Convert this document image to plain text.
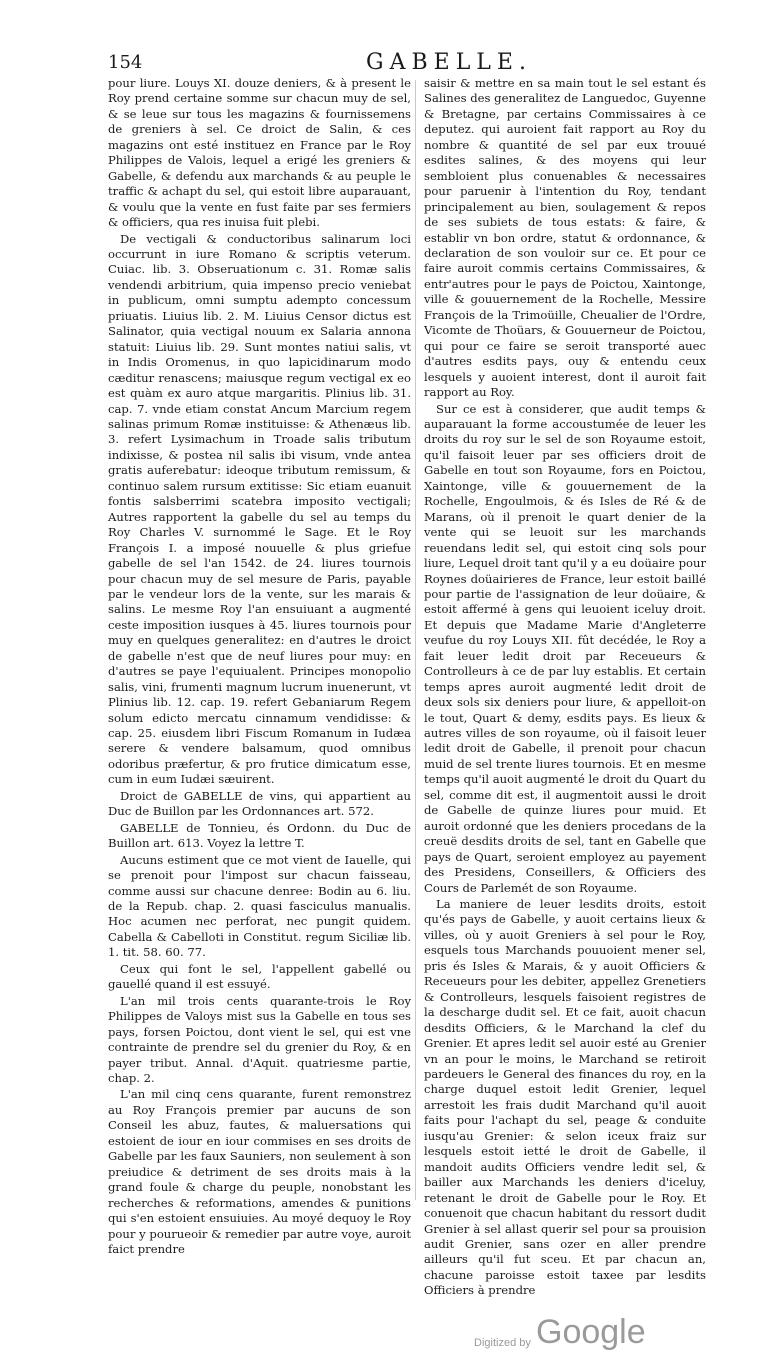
154	GABELLE.

pour liure. Louys XI. douze deniers, & à present le Roy prend certaine somme sur chacun muy de sel, & se leue sur tous les magazins & fournissemens de greniers à sel. Ce droict de Salin, & ces magazins ont esté instituez en France par le Roy Philippes de Valois, lequel a erigé les greniers & Gabelle, & defendu aux marchands & au peuple le traffic & achapt du sel, qui estoit libre auparauant, & voulu que la vente en fust faite par ses fermiers & officiers, qua res inuisa fuit plebi.

De vectigali & conductoribus salinarum loci occurrunt in iure Romano & scriptis veterum. Cuiac. lib. 3. Obseruationum c. 31. Romæ salis vendendi arbitrium, quia impenso precio veniebat in publicum, omni sumptu adempto concessum priuatis. Liuius lib. 2. M. Liuius Censor dictus est Salinator, quia vectigal nouum ex Salaria annona statuit: Liuius lib. 29. Sunt montes natiui salis, vt in Indis Oromenus, in quo lapicidinarum modo cæditur renascens; maiusque regum vectigal ex eo est quàm ex auro atque margaritis. Plinius lib. 31. cap. 7. vnde etiam constat Ancum Marcium regem salinas primum Romæ instituisse: & Athenæus lib. 3. refert Lysimachum in Troade salis tributum indixisse, & postea nil salis ibi visum, vnde antea gratis auferebatur: ideoque tributum remissum, & continuo salem rursum extitisse: Sic etiam euanuit fontis salsberrimi scatebra imposito vectigali; Autres rapportent la gabelle du sel au temps du Roy Charles V. surnommé le Sage. Et le Roy François I. a imposé nouuelle & plus griefue gabelle de sel l'an 1542. de 24. liures tournois pour chacun muy de sel mesure de Paris, payable par le vendeur lors de la vente, sur les marais & salins. Le mesme Roy l'an ensuiuant a augmenté ceste imposition iusques à 45. liures tournois pour muy en quelques generalitez: en d'autres le droict de gabelle n'est que de neuf liures pour muy: en d'autres se paye l'equiualent. Principes monopolio salis, vini, frumenti magnum lucrum inuenerunt, vt Plinius lib. 12. cap. 19. refert Gebaniarum Regem solum edicto mercatu cinnamum vendidisse: & cap. 25. eiusdem libri Fiscum Romanum in Iudæa serere & vendere balsamum, quod omnibus odoribus præfertur, & pro frutice dimicatum esse, cum in eum Iudæi sæuirent.

Droict de GABELLE de vins, qui appartient au Duc de Buillon par les Ordonnances art. 572.

GABELLE de Tonnieu, és Ordonn. du Duc de Buillon art. 613. Voyez la lettre T.

Aucuns estiment que ce mot vient de Iauelle, qui se prenoit pour l'impost sur chacun faisseau, comme aussi sur chacune denree: Bodin au 6. liu. de la Repub. chap. 2. quasi fasciculus manualis. Hoc acumen nec perforat, nec pungit quidem. Cabella & Cabelloti in Constitut. regum Siciliæ lib. 1. tit. 58. 60. 77.

Ceux qui font le sel, l'appellent gabellé ou gauellé quand il est essuyé.

L'an mil trois cents quarante-trois le Roy Philippes de Valoys mist sus la Gabelle en tous ses pays, forsen Poictou, dont vient le sel, qui est vne contrainte de prendre sel du grenier du Roy, & en payer tribut. Annal. d'Aquit. quatriesme partie, chap. 2.

L'an mil cinq cens quarante, furent remonstrez au Roy François premier par aucuns de son Conseil les abuz, fautes, & maluersations qui estoient de iour en iour commises en ses droits de Gabelle par les faux Sauniers, non seulement à son preiudice & detriment de ses droits mais à la grand foule & charge du peuple, nonobstant les recherches & reformations, amendes & punitions qui s'en estoient ensuiuies. Au moyé dequoy le Roy pour y pourueoir & remedier par autre voye, auroit faict prendre

saisir & mettre en sa main tout le sel estant és Salines des generalitez de Languedoc, Guyenne & Bretagne, par certains Commissaires à ce deputez. qui auroient fait rapport au Roy du nombre & quantité de sel par eux trouué esdites salines, & des moyens qui leur sembloient plus conuenables & necessaires pour paruenir à l'intention du Roy, tendant principalement au bien, soulagement & repos de ses subiets de tous estats: & faire, & establir vn bon ordre, statut & ordonnance, & declaration de son vouloir sur ce. Et pour ce faire auroit commis certains Commissaires, & entr'autres pour le pays de Poictou, Xaintonge, ville & gouuernement de la Rochelle, Messire François de la Trimoüille, Cheualier de l'Ordre, Vicomte de Thoüars, & Gouuerneur de Poictou, qui pour ce faire se seroit transporté auec d'autres esdits pays, ouy & entendu ceux lesquels y auoient interest, dont il auroit fait rapport au Roy.

Sur ce est à considerer, que audit temps & auparauant la forme accoustumée de leuer les droits du roy sur le sel de son Royaume estoit, qu'il faisoit leuer par ses officiers droit de Gabelle en tout son Royaume, fors en Poictou, Xaintonge, ville & gouuernement de la Rochelle, Engoulmois, & és Isles de Ré & de Marans, où il prenoit le quart denier de la vente qui se leuoit sur les marchands reuendans ledit sel, qui estoit cinq sols pour liure, Lequel droit tant qu'il y a eu doüaire pour Roynes doüairieres de France, leur estoit baillé pour partie de l'assignation de leur doüaire, & estoit affermé à gens qui leuoient iceluy droit. Et depuis que Madame Marie d'Angleterre veufue du roy Louys XII. fût decédée, le Roy a fait leuer ledit droit par Receueurs & Controlleurs à ce de par luy establis. Et certain temps apres auroit augmenté ledit droit de deux sols six deniers pour liure, & appelloit-on le tout, Quart & demy, esdits pays. Es lieux & autres villes de son royaume, où il faisoit leuer ledit droit de Gabelle, il prenoit pour chacun muid de sel trente liures tournois. Et en mesme temps qu'il auoit augmenté le droit du Quart du sel, comme dit est, il augmentoit aussi le droit de Gabelle de quinze liures pour muid. Et auroit ordonné que les deniers procedans de la creuë desdits droits de sel, tant en Gabelle que pays de Quart, seroient employez au payement des Presidens, Conseillers, & Officiers des Cours de Parlemét de son Royaume.

La maniere de leuer lesdits droits, estoit qu'és pays de Gabelle, y auoit certains lieux & villes, où y auoit Greniers à sel pour le Roy, esquels tous Marchands pouuoient mener sel, pris és Isles & Marais, & y auoit Officiers & Receueurs pour les debiter, appellez Grenetiers & Controlleurs, lesquels faisoient registres de la descharge dudit sel. Et ce fait, auoit chacun desdits Officiers, & le Marchand la clef du Grenier. Et apres ledit sel auoir esté au Grenier vn an pour le moins, le Marchand se retiroit pardeuers le General des finances du roy, en la charge duquel estoit ledit Grenier, lequel arrestoit les frais dudit Marchand qu'il auoit faits pour l'achapt du sel, peage & conduite iusqu'au Grenier: & selon iceux fraiz sur lesquels estoit ietté le droit de Gabelle, il mandoit audits Officiers vendre ledit sel, & bailler aux Marchands les deniers d'iceluy, retenant le droit de Gabelle pour le Roy. Et conuenoit que chacun habitant du ressort dudit Grenier à sel allast querir sel pour sa prouision audit Grenier, sans ozer en aller prendre ailleurs qu'il fut sceu. Et par chacun an, chacune paroisse estoit taxee par lesdits Officiers à prendre

Digitized by Google
